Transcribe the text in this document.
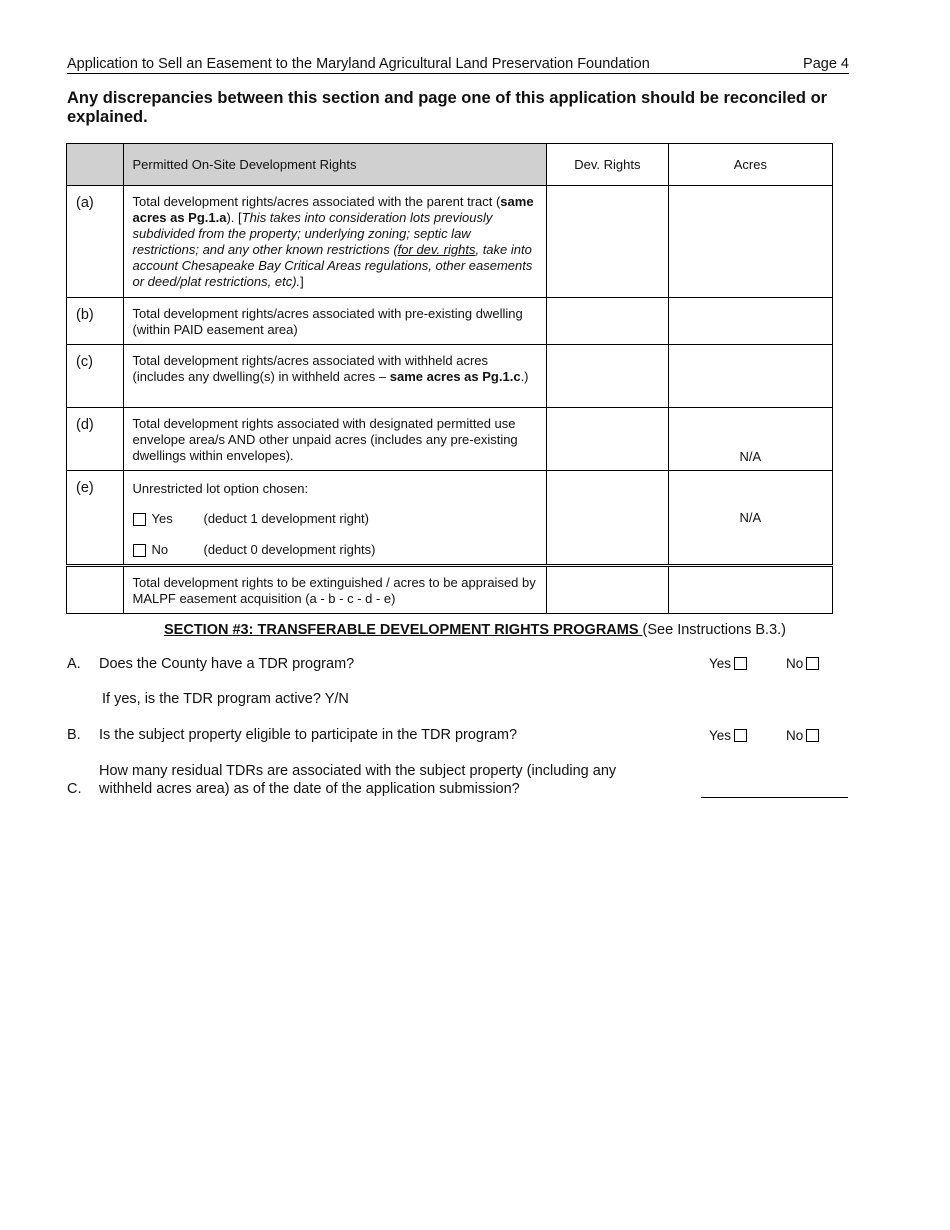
Application to Sell an Easement to the Maryland Agricultural Land Preservation Foundation	Page 4
Any discrepancies between this section and page one of this application should be reconciled or explained.
	Permitted On-Site Development Rights	Dev. Rights	Acres
(a)	Total development rights/acres associated with the parent tract (same acres as Pg.1.a). [This takes into consideration lots previously subdivided from the property; underlying zoning; septic law restrictions; and any other known restrictions (for dev. rights, take into account Chesapeake Bay Critical Areas regulations, other easements or deed/plat restrictions, etc).]		
(b)	Total development rights/acres associated with pre-existing dwelling (within PAID easement area)		
(c)	Total development rights/acres associated with withheld acres (includes any dwelling(s) in withheld acres – same acres as Pg.1.c.)		
(d)	Total development rights associated with designated permitted use envelope area/s AND other unpaid acres (includes any pre-existing dwellings within envelopes).		N/A
(e)	Unrestricted lot option chosen:
Yes (deduct 1 development right)
No (deduct 0 development rights)		N/A
	Total development rights to be extinguished / acres to be appraised by MALPF easement acquisition (a - b - c - d - e)		
SECTION #3: TRANSFERABLE DEVELOPMENT RIGHTS PROGRAMS (See Instructions B.3.)
A. Does the County have a TDR program?	Yes	No
If yes, is the TDR program active? Y/N
B. Is the subject property eligible to participate in the TDR program?	Yes	No
C.
How many residual TDRs are associated with the subject property (including any
withheld acres area) as of the date of the application submission?
